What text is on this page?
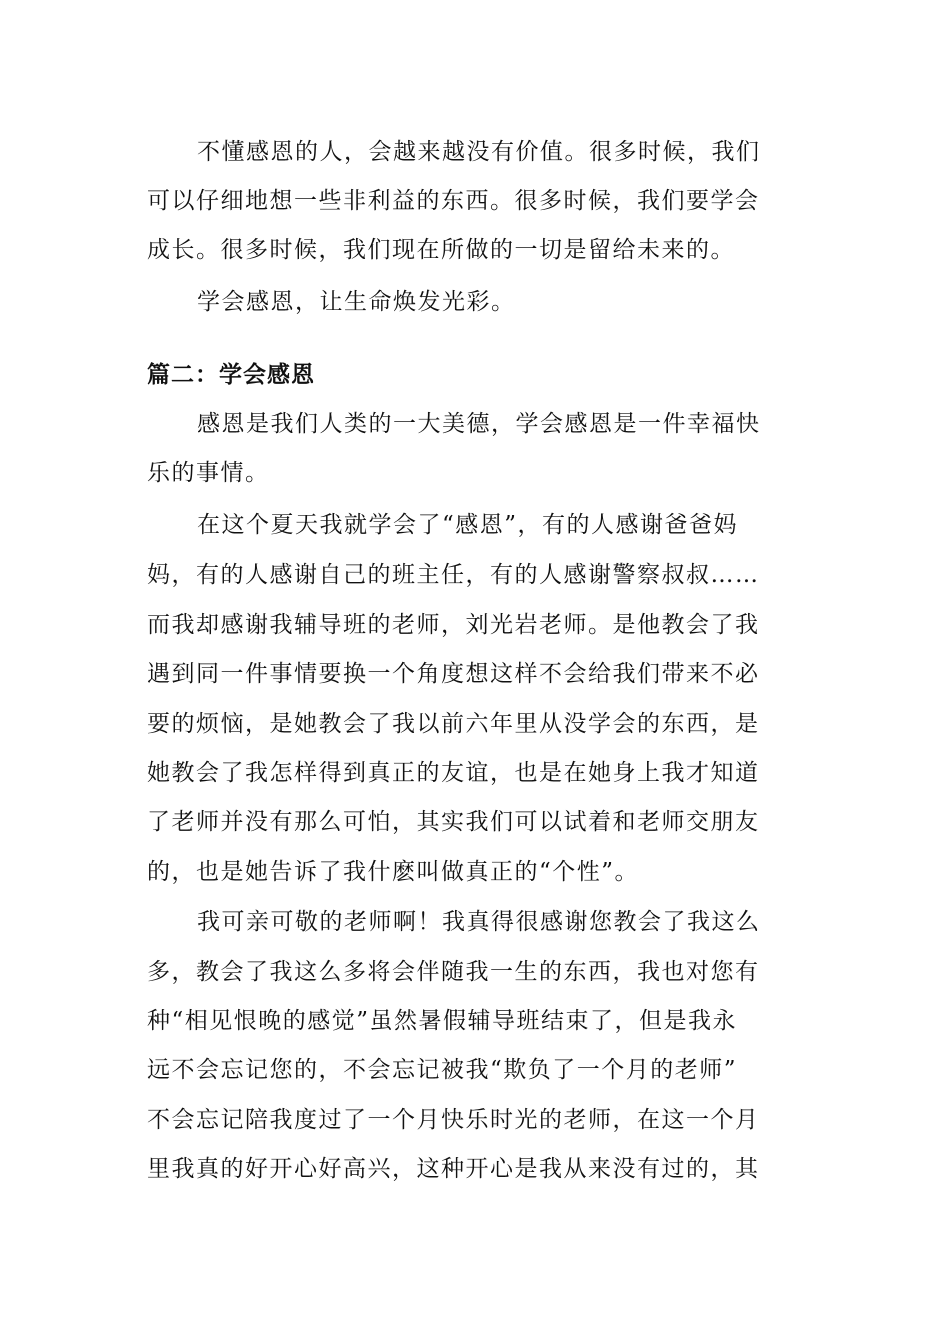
不懂感恩的人，会越来越没有价值。很多时候，我们
可以仔细地想一些非利益的东西。很多时候，我们要学会
成长。很多时候，我们现在所做的一切是留给未来的。
学会感恩，让生命焕发光彩。
篇二：学会感恩
感恩是我们人类的一大美德，学会感恩是一件幸福快
乐的事情。
在这个夏天我就学会了“感恩”，有的人感谢爸爸妈
妈，有的人感谢自己的班主任，有的人感谢警察叔叔……
而我却感谢我辅导班的老师，刘光岩老师。是他教会了我
遇到同一件事情要换一个角度想这样不会给我们带来不必
要的烦恼，是她教会了我以前六年里从没学会的东西，是
她教会了我怎样得到真正的友谊，也是在她身上我才知道
了老师并没有那么可怕，其实我们可以试着和老师交朋友
的，也是她告诉了我什麽叫做真正的“个性”。
我可亲可敬的老师啊！我真得很感谢您教会了我这么
多，教会了我这么多将会伴随我一生的东西，我也对您有
种“相见恨晚的感觉”虽然暑假辅导班结束了，但是我永
远不会忘记您的，不会忘记被我“欺负了一个月的老师”
不会忘记陪我度过了一个月快乐时光的老师，在这一个月
里我真的好开心好高兴，这种开心是我从来没有过的，其
